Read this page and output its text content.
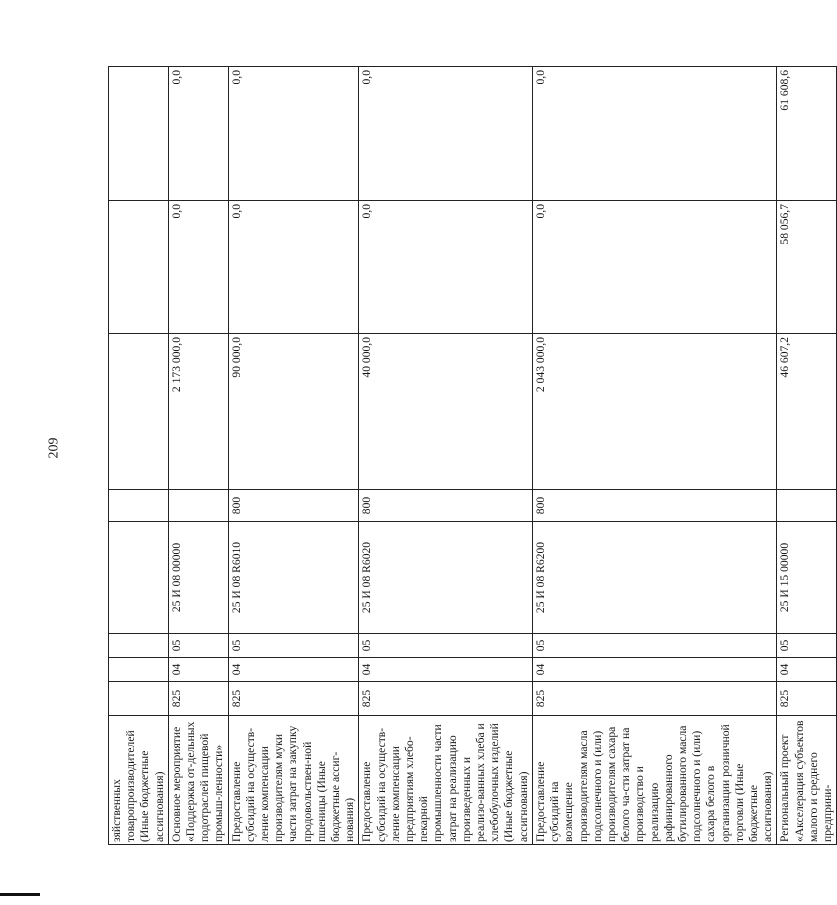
209
зяйственных товаропроизводителей (Иные бюджетные ассигнования)								
Основное мероприятие «Поддержка от-дельных подотраслей пищевой промыш-ленности»	825	04	05	25 И 08 00000		2 173 000,0	0,0	0,0
Предоставление субсидий на осуществ-ление компенсации производителям муки части затрат на закупку продовольствен-ной пшеницы (Иные бюджетные ассиг-нования)	825	04	05	25 И 08 R6010	800	90 000,0	0,0	0,0
Предоставление субсидий на осуществ-ление компенсации предприятиям хлебо-пекарной промышленности части затрат на реализацию произведенных и реализо-ванных хлеба и хлебобулочных изделий (Иные бюджетные ассигнования)	825	04	05	25 И 08 R6020	800	40 000,0	0,0	0,0
Предоставление субсидий на возмещение производителям масла подсолнечного и (или) производителям сахара белого ча-сти затрат на производство и реализацию рафинированного бутилированного масла подсолнечного и (или) сахара белого в организации розничной торговли (Иные бюджетные ассигнования)	825	04	05	25 И 08 R6200	800	2 043 000,0	0,0	0,0
Региональный проект «Акселерация субъектов малого и среднего предприни-	825	04	05	25 И 15 00000		46 607,2	58 056,7	61 608,6
